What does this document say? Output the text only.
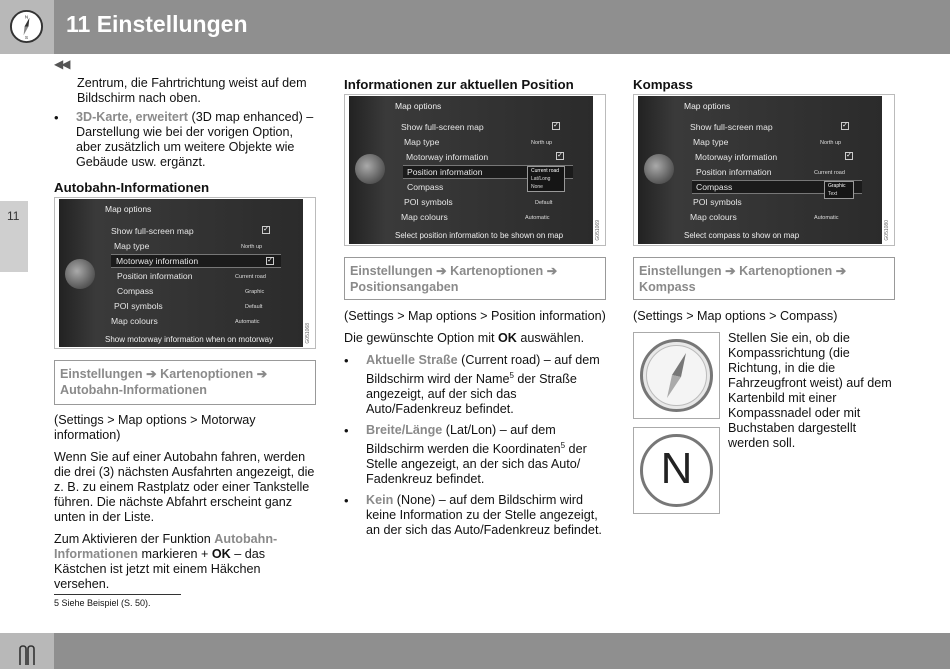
N
S
11 Einstellungen
◀◀
11

Zentrum, die Fahrtrichtung weist auf dem Bildschirm nach oben.

• 3D-Karte, erweitert (3D map enhanced) – Darstellung wie bei der vorigen Option, aber zusätzlich um weitere Objekte wie Gebäude usw. ergänzt.
Autobahn-Informationen
Map options
Show full-screen map	✓
Map type	North up
Motorway information	✓
Position information	Current road
Compass	Graphic
POI symbols	Default
Map colours	Automatic
Show motorway information when on motorway	G051068
Einstellungen ➔ Kartenoptionen ➔
Autobahn-Informationen

(Settings > Map options > Motorway information)

Wenn Sie auf einer Autobahn fahren, werden die drei (3) nächsten Ausfahrten angezeigt, die z. B. zu einem Rastplatz oder einer Tankstelle führen. Die nächste Abfahrt erscheint ganz unten in der Liste.

Zum Aktivieren der Funktion Autobahn-Informationen markieren + OK – das Kästchen ist jetzt mit einem Häkchen versehen.

Informationen zur aktuellen Position
Map options
Show full-screen map	✓
Map type	North up
Motorway information	✓
Position information	Current road
Lat/Long
None
Compass
POI symbols	Default
Map colours	Automatic
Select position information to be shown on map	G051069
Einstellungen ➔ Kartenoptionen ➔
Positionsangaben

(Settings > Map options > Position information)

Die gewünschte Option mit OK auswählen.

• Aktuelle Straße (Current road) – auf dem Bildschirm wird der Name$^5$ der Straße angezeigt, auf der sich das Auto/Fadenkreuz befindet.
• Breite/Länge (Lat/Lon) – auf dem Bildschirm werden die Koordinaten$^5$ der Stelle angezeigt, an der sich das Auto/ Fadenkreuz befindet.
• Kein (None) – auf dem Bildschirm wird keine Information zu der Stelle angezeigt, an der sich das Auto/Fadenkreuz befindet.
Kompass
Map options
Show full-screen map	✓
Map type	North up
Motorway information	✓
Position information	Current road
Compass	Graphic
Text
POI symbols
Map colours	Automatic
Select compass to show on map	G051080
Einstellungen ➔ Kartenoptionen ➔
Kompass
(Settings > Map options > Compass)
N
Stellen Sie ein, ob die Kompassrichtung (die Richtung, in die die Fahrzeugfront weist) auf dem Kartenbild mit einer Kompassnadel oder mit Buchstaben dargestellt werden soll.
5 Siehe Beispiel (S. 50).
